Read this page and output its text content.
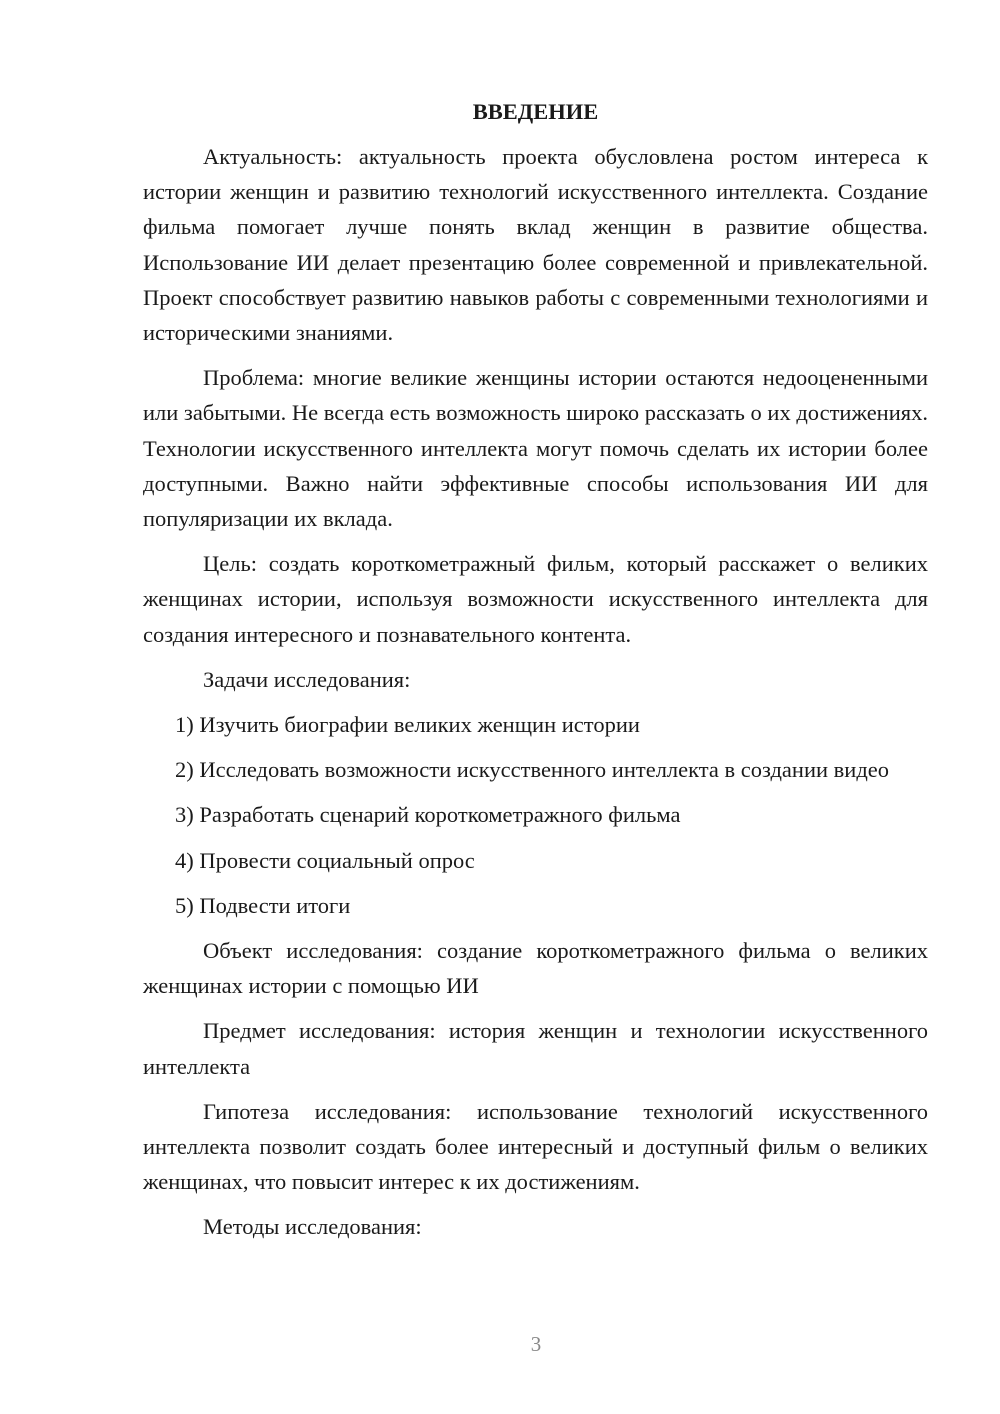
ВВЕДЕНИЕ

Актуальность: актуальность проекта обусловлена ростом интереса к истории женщин и развитию технологий искусственного интеллекта. Создание фильма помогает лучше понять вклад женщин в развитие общества. Использование ИИ делает презентацию более современной и привлекательной. Проект способствует развитию навыков работы с современными технологиями и историческими знаниями.

Проблема: многие великие женщины истории остаются недооцененными или забытыми. Не всегда есть возможность широко рассказать о их достижениях. Технологии искусственного интеллекта могут помочь сделать их истории более доступными. Важно найти эффективные способы использования ИИ для популяризации их вклада.

Цель: создать короткометражный фильм, который расскажет о великих женщинах истории, используя возможности искусственного интеллекта для создания интересного и познавательного контента.

Задачи исследования:

1) Изучить биографии великих женщин истории

2) Исследовать возможности искусственного интеллекта в создании видео

3) Разработать сценарий короткометражного фильма

4) Провести социальный опрос

5) Подвести итоги

Объект исследования: создание короткометражного фильма о великих женщинах истории с помощью ИИ

Предмет исследования: история женщин и технологии искусственного интеллекта

Гипотеза исследования: использование технологий искусственного интеллекта позволит создать более интересный и доступный фильм о великих женщинах, что повысит интерес к их достижениям.

Методы исследования:

3
